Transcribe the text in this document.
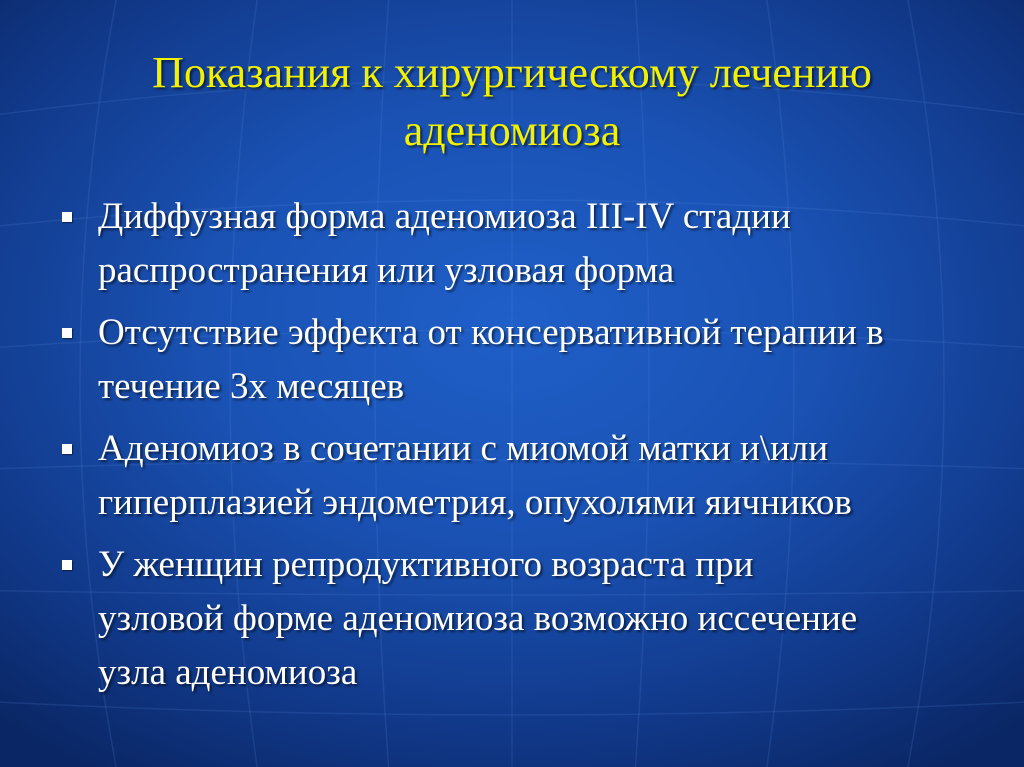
Показания к хирургическому лечению
аденомиоза
Диффузная форма аденомиоза III-IV стадии
распространения или узловая форма
Отсутствие эффекта от консервативной терапии в
течение 3х месяцев
Аденомиоз в сочетании с миомой матки и\или
гиперплазией эндометрия, опухолями яичников
У женщин репродуктивного возраста при
узловой форме аденомиоза возможно иссечение
узла аденомиоза
